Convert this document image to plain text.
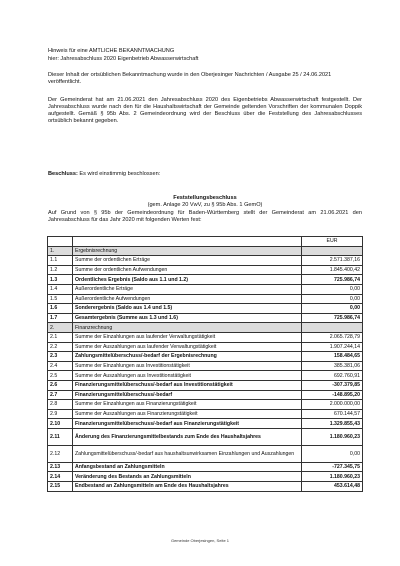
Hinweis für eine AMTLICHE BEKANNTMACHUNG
hier: Jahresabschluss 2020 Eigenbetrieb Abwasserwirtschaft
Dieser Inhalt der ortsüblichen Bekanntmachung wurde in den Oberjesinger Nachrichten / Ausgabe 25 / 24.06.2021 veröffentlicht.
Der Gemeinderat hat am 21.06.2021 den Jahresabschluss 2020 des Eigenbetriebs Abwasserwirtschaft festgestellt. Der Jahresabschluss wurde nach den für die Haushaltswirtschaft der Gemeinde geltenden Vorschriften der kommunalen Doppik aufgestellt. Gemäß § 95b Abs. 2 Gemeindeordnung wird der Beschluss über die Feststellung des Jahresabschlusses ortsüblich bekannt gegeben.
Beschluss: Es wird einstimmig beschlossen:
Feststellungsbeschluss
(gem. Anlage 20 VwV, zu § 95b Abs. 1 GemO)
Auf Grund von § 95b der Gemeindeordnung für Baden-Württemberg stellt der Gemeinderat am 21.06.2021 den Jahresabschluss für das Jahr 2020 mit folgenden Werten fest:
		EUR
1.	Ergebnisrechnung	
1.1	Summe der ordentlichen Erträge	2.571.387,16
1.2	Summe der ordentlichen Aufwendungen	1.845.400,42
1.3	Ordentliches Ergebnis (Saldo aus 1.1 und 1.2)	725.986,74
1.4	Außerordentliche Erträge	0,00
1.5	Außerordentliche Aufwendungen	0,00
1.6	Sonderergebnis (Saldo aus 1.4 und 1.5)	0,00
1.7	Gesamtergebnis (Summe aus 1.3 und 1.6)	725.986,74
2.	Finanzrechnung	
2.1	Summe der Einzahlungen aus laufender Verwaltungstätigkeit	2.065.728,79
2.2	Summe der Auszahlungen aus laufender Verwaltungstätigkeit	1.907.244,14
2.3	Zahlungsmittelüberschuss/-bedarf der Ergebnisrechnung	158.484,65
2.4	Summe der Einzahlungen aus Investitionstätigkeit	385.381,06
2.5	Summe der Auszahlungen aus Investitionstätigkeit	692.760,91
2.6	Finanzierungsmittelüberschuss/-bedarf aus Investitionstätigkeit	-307.379,85
2.7	Finanzierungsmittelüberschuss/-bedarf	-148.895,20
2.8	Summe der Einzahlungen aus Finanzierungstätigkeit	2.000.000,00
2.9	Summe der Auszahlungen aus Finanzierungstätigkeit	670.144,57
2.10	Finanzierungsmittelüberschuss/-bedarf aus Finanzierungstätigkeit	1.329.855,43
2.11	Änderung des Finanzierungsmittelbestands zum Ende des Haushaltsjahres	1.180.960,23
2.12	Zahlungsmittelüberschuss/-bedarf aus haushaltsunwirksamen Einzahlungen und Auszahlungen	0,00
2.13	Anfangsbestand an Zahlungsmitteln	-727.345,75
2.14	Veränderung des Bestands an Zahlungsmitteln	1.180.960,23
2.15	Endbestand an Zahlungsmitteln am Ende des Haushaltsjahres	453.614,48
Gemeinde Oberjesingen, Seite 1
